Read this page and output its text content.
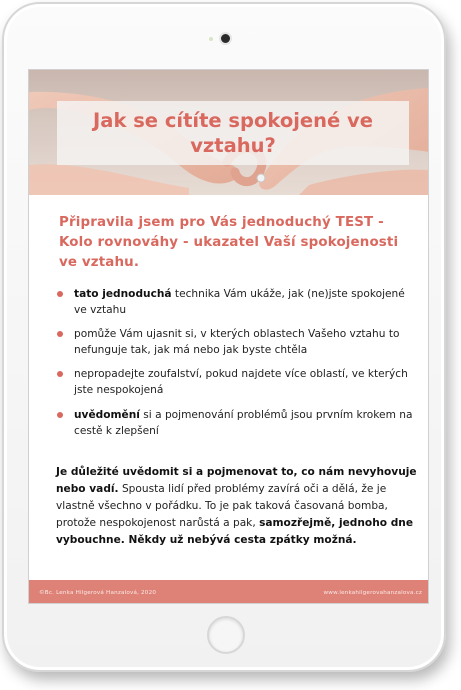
Jak se cítíte spokojené ve vztahu?
Připravila jsem pro Vás jednoduchý TEST - Kolo rovnováhy - ukazatel Vaší spokojenosti ve vztahu.
tato jednoduchá technika Vám ukáže, jak (ne)jste spokojené ve vztahu
pomůže Vám ujasnit si, v kterých oblastech Vašeho vztahu to nefunguje tak, jak má nebo jak byste chtěla
nepropadejte zoufalství, pokud najdete více oblastí, ve kterých jste nespokojená
uvědomění si a pojmenování problémů jsou prvním krokem na cestě k zlepšení

Je důležité uvědomit si a pojmenovat to, co nám nevyhovuje nebo vadí. Spousta lidí před problémy zavírá oči a dělá, že je vlastně všechno v pořádku. To je pak taková časovaná bomba, protože nespokojenost narůstá a pak, samozřejmě, jednoho dne vybouchne. Někdy už nebývá cesta zpátky možná.

©Bc. Lenka Hilgerová Hanzalová, 2020	www.lenkahilgerovahanzalova.cz
